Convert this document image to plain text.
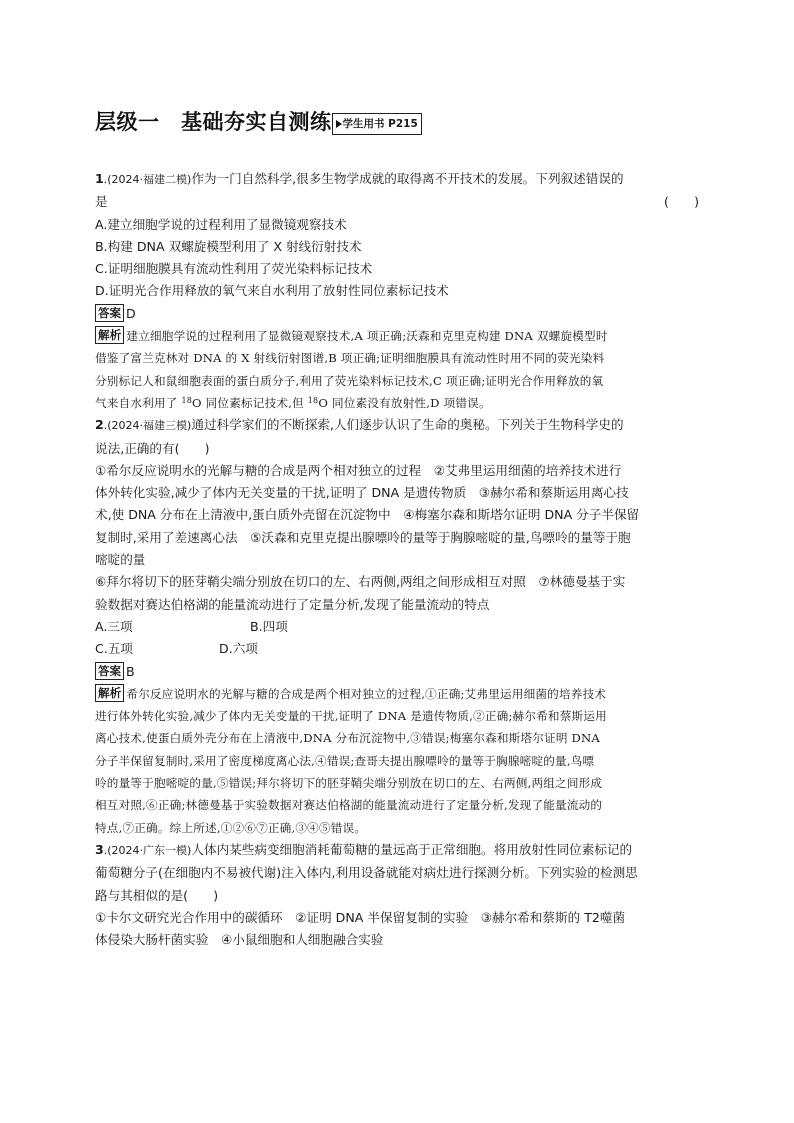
层级一　基础夯实自测练 学生用书 P215
1.(2024·福建二模)作为一门自然科学,很多生物学成就的取得离不开技术的发展。下列叙述错误的
是	(　　)
A.建立细胞学说的过程利用了显微镜观察技术
B.构建 DNA 双螺旋模型利用了 X 射线衍射技术
C.证明细胞膜具有流动性利用了荧光染料标记技术
D.证明光合作用释放的氧气来自水利用了放射性同位素标记技术
答案 D
解析 建立细胞学说的过程利用了显微镜观察技术,A 项正确;沃森和克里克构建 DNA 双螺旋模型时
借鉴了富兰克林对 DNA 的 X 射线衍射图谱,B 项正确;证明细胞膜具有流动性时用不同的荧光染料
分别标记人和鼠细胞表面的蛋白质分子,利用了荧光染料标记技术,C 项正确;证明光合作用释放的氧
气来自水利用了 $^{18}$O 同位素标记技术,但 $^{18}$O 同位素没有放射性,D 项错误。
2.(2024·福建三模)通过科学家们的不断探索,人们逐步认识了生命的奥秘。下列关于生物科学史的
说法,正确的有(　　)
①希尔反应说明水的光解与糖的合成是两个相对独立的过程　②艾弗里运用细菌的培养技术进行
体外转化实验,减少了体内无关变量的干扰,证明了 DNA 是遗传物质　③赫尔希和蔡斯运用离心技
术,使 DNA 分布在上清液中,蛋白质外壳留在沉淀物中　④梅塞尔森和斯塔尔证明 DNA 分子半保留
复制时,采用了差速离心法　⑤沃森和克里克提出腺嘌呤的量等于胸腺嘧啶的量,鸟嘌呤的量等于胞
嘧啶的量
⑥拜尔将切下的胚芽鞘尖端分别放在切口的左、右两侧,两组之间形成相互对照　⑦林德曼基于实
验数据对赛达伯格湖的能量流动进行了定量分析,发现了能量流动的特点
A.三项	B.四项
C.五项	D.六项
答案 B
解析 希尔反应说明水的光解与糖的合成是两个相对独立的过程,①正确;艾弗里运用细菌的培养技术
进行体外转化实验,减少了体内无关变量的干扰,证明了 DNA 是遗传物质,②正确;赫尔希和蔡斯运用
离心技术,使蛋白质外壳分布在上清液中,DNA 分布沉淀物中,③错误;梅塞尔森和斯塔尔证明 DNA
分子半保留复制时,采用了密度梯度离心法,④错误;查哥夫提出腺嘌呤的量等于胸腺嘧啶的量,鸟嘌
呤的量等于胞嘧啶的量,⑤错误;拜尔将切下的胚芽鞘尖端分别放在切口的左、右两侧,两组之间形成
相互对照,⑥正确;林德曼基于实验数据对赛达伯格湖的能量流动进行了定量分析,发现了能量流动的
特点,⑦正确。综上所述,①②⑥⑦正确,③④⑤错误。
3.(2024·广东一模)人体内某些病变细胞消耗葡萄糖的量远高于正常细胞。将用放射性同位素标记的
葡萄糖分子(在细胞内不易被代谢)注入体内,利用设备就能对病灶进行探测分析。下列实验的检测思
路与其相似的是(　　)
①卡尔文研究光合作用中的碳循环　②证明 DNA 半保留复制的实验　③赫尔希和蔡斯的 T2噬菌
体侵染大肠杆菌实验　④小鼠细胞和人细胞融合实验
